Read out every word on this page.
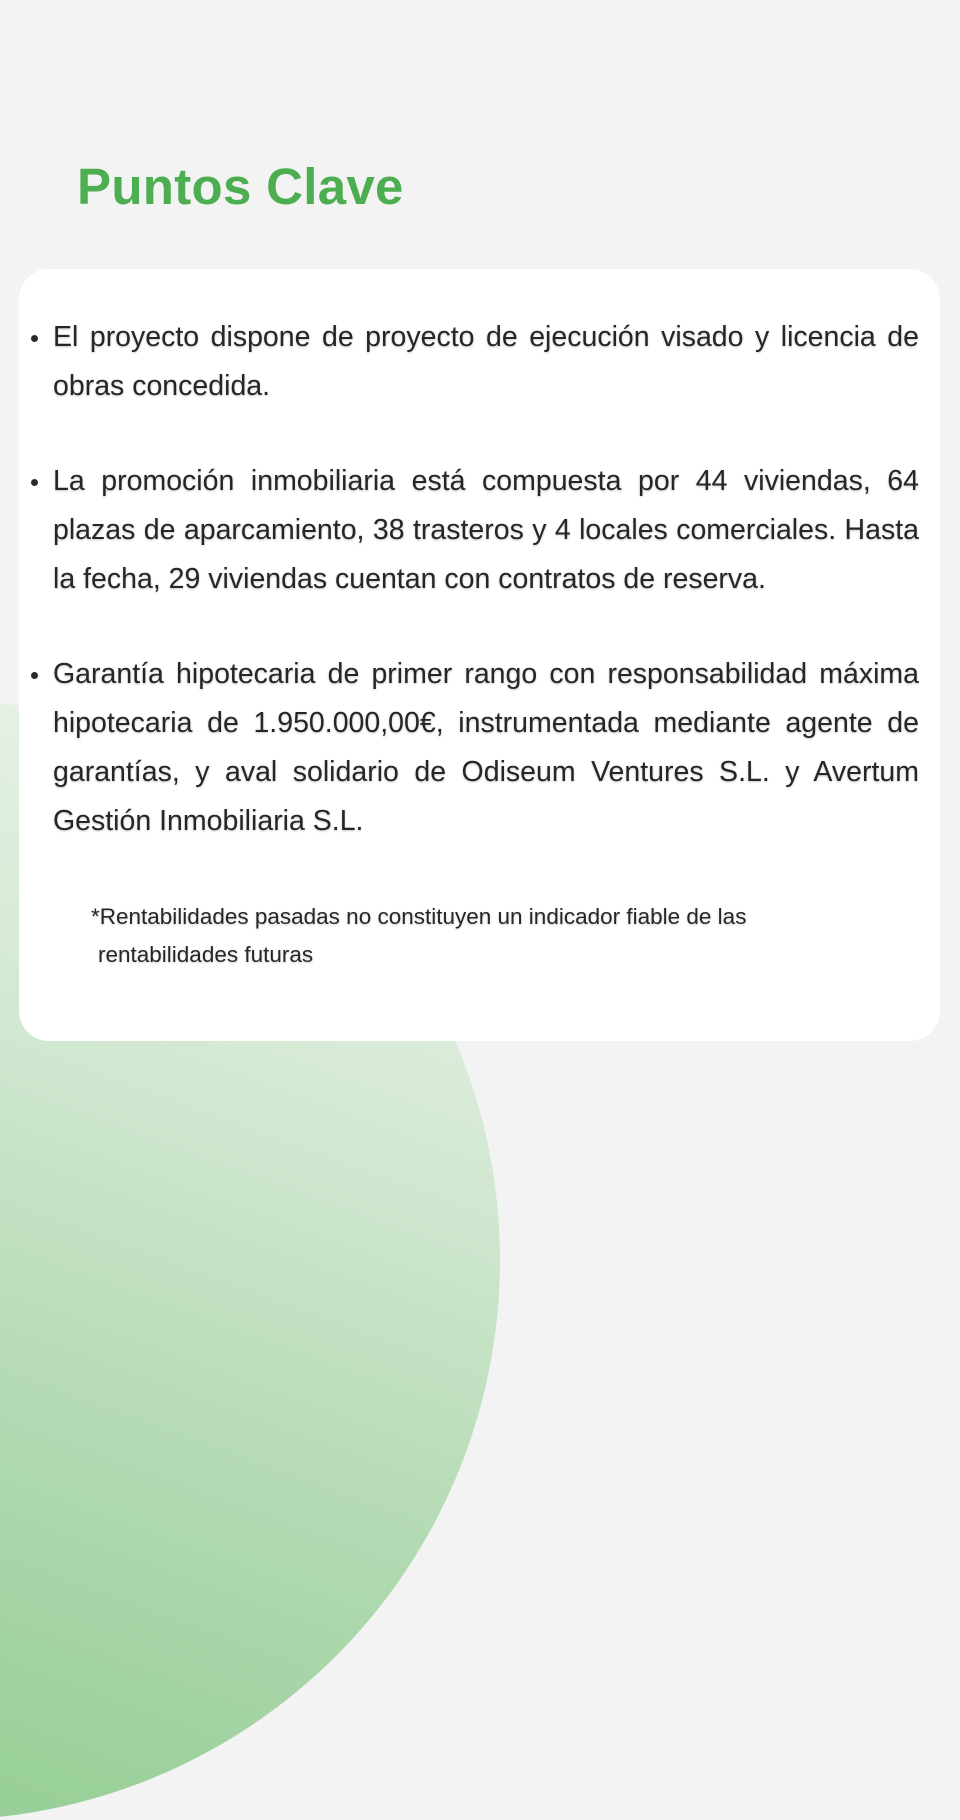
Puntos Clave
El proyecto dispone de proyecto de ejecución visado y licencia de obras concedida.
La promoción inmobiliaria está compuesta por 44 viviendas, 64 plazas de aparcamiento, 38 trasteros y 4 locales comerciales. Hasta la fecha, 29 viviendas cuentan con contratos de reserva.
Garantía hipotecaria de primer rango con responsabilidad máxima hipotecaria de 1.950.000,00€, instrumentada mediante agente de garantías, y aval solidario de Odiseum Ventures S.L. y Avertum Gestión Inmobiliaria S.L.

*Rentabilidades pasadas no constituyen un indicador fiable de las
rentabilidades futuras
